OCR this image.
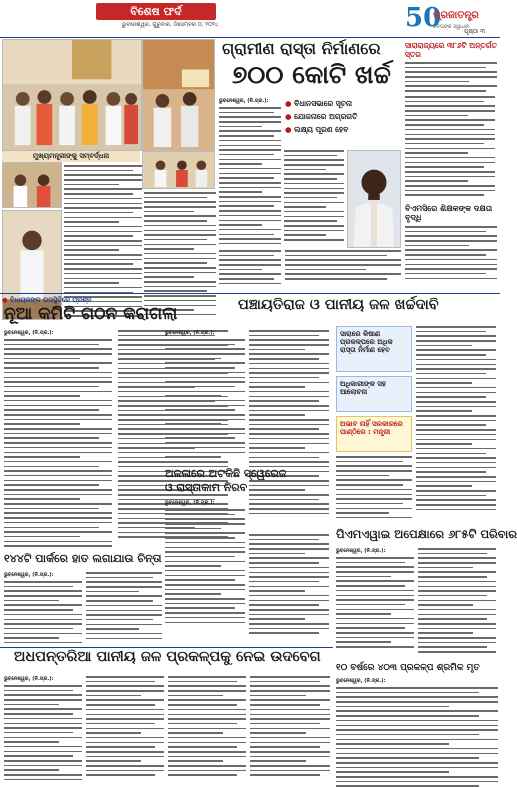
ବିଶେଷ ଫର୍ଦ
ଭୁବନେଶ୍ୱର, ଗୁରୁବାର, ଡିସେମ୍ବର ୦, ୨୦୨୪	50
ପ୍ରଜାତନ୍ତ୍ର
ଜନତାଙ୍କ ସ୍ୱାଧୀନ
ପୃଷ୍ଠା ୩
ମୁଖ୍ୟମନ୍ତ୍ରୀଙ୍କୁ ସମ୍ବର୍ଦ୍ଧନା
ଗ୍ରାମୀଣ ରାସ୍ତା ନିର୍ମାଣରେ
୭୦୦ କୋଟି ଖର୍ଚ୍ଚ
ଭୁବନେଶ୍ୱର, (ନି.ପ୍ର.):	● ବିଧାନସଭାରେ ସୂଚନା
● ଯୋଜନାରେ ଅଗ୍ରଗତି
● ଲକ୍ଷ୍ୟ ପୂରଣ ହେବ
ସାରାରାଜ୍ୟରେ ୩୮୬ଟି ଅନ୍ତର୍ଗତ ସ୍ତର
ବିଏମସିରେ ଶିକ୍ଷକଙ୍କ ଦକ୍ଷତା ବୃଦ୍ଧି
● ବିଧାୟକଙ୍କ ଉପସ୍ଥିତିରେ ପ୍ରଶ୍ନ
ନୂଆ କମିଟି ଗଠନ କରାଗଲା
ଭୁବନେଶ୍ୱର, (ନି.ପ୍ର.):
ପଞ୍ଚାୟତିରାଜ ଓ ପାନୀୟ ଜଳ ଖର୍ଚ୍ଚଦାବି
ଭୁବନେଶ୍ୱର, (ନି.ପ୍ର.):	ସାରାରେ କିଷାଣ ପ୍ରକଳ୍ପରେ ଅଧିକ ରାସ୍ତା ନିର୍ମାଣ ହେବ
ଅଧିକାରୀଙ୍କ ସହ ଆଲୋଚନା
ଅଭାବ ନାହିଁ ସରକାରରେ ପାଣ୍ଠିରେ : ମନ୍ତ୍ରୀ
ଅଳଳାରେ ଅଟକିଛି ସ୍ୱେରେଜ
ଓ ରାସ୍ତାକାମ ନିରବ
ପିଏମଏୱାଇ ଅପେକ୍ଷାରେ ୬୮୫ଟି ପରିବାର
ଭୁବନେଶ୍ୱର, (ନି.ପ୍ର.):
ଭୁବନେଶ୍ୱର, (ନି.ପ୍ର.):
୧୪୪ଟି ପାର୍କରେ ହାତ ଲଗାଯାଉ ଚିନ୍ତା
ଭୁବନେଶ୍ୱର, (ନି.ପ୍ର.):
୧୦ ବର୍ଷରେ ୪୦୩ ପ୍ରକଳ୍ପ ଶ୍ରମିକ ମୃତ
ଭୁବନେଶ୍ୱର, (ନି.ପ୍ର.):
ଅଧପନ୍ତରିଆ ପାନୀୟ ଜଳ ପ୍ରକଳ୍ପକୁ ନେଇ ଉଦବେଗ
ଭୁବନେଶ୍ୱର, (ନି.ପ୍ର.):
